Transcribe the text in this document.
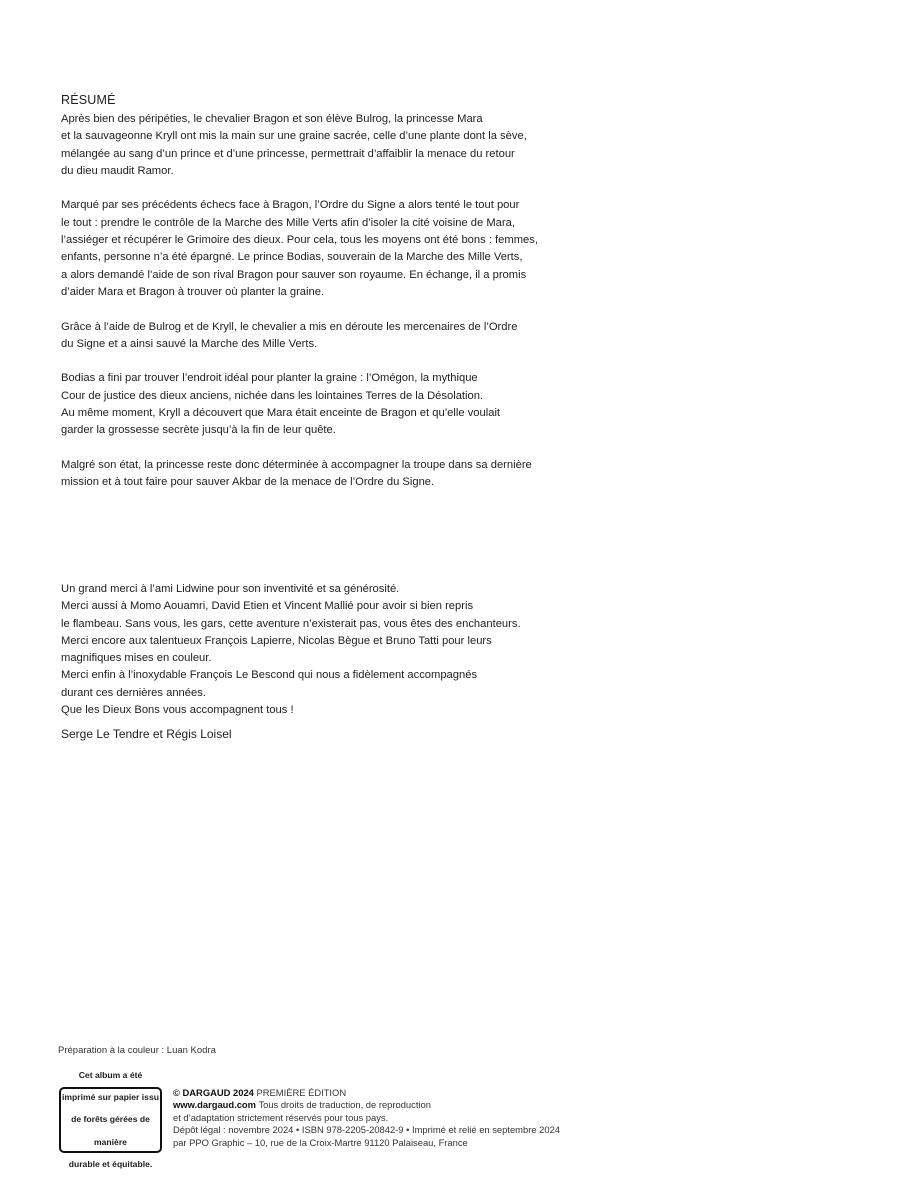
RÉSUMÉ
Après bien des péripéties, le chevalier Bragon et son élève Bulrog, la princesse Mara
et la sauvageonne Kryll ont mis la main sur une graine sacrée, celle d’une plante dont la sève,
mélangée au sang d’un prince et d’une princesse, permettrait d’affaiblir la menace du retour
du dieu maudit Ramor.
Marqué par ses précédents échecs face à Bragon, l’Ordre du Signe a alors tenté le tout pour
le tout : prendre le contrôle de la Marche des Mille Verts afin d’isoler la cité voisine de Mara,
l’assiéger et récupérer le Grimoire des dieux. Pour cela, tous les moyens ont été bons : femmes,
enfants, personne n’a été épargné. Le prince Bodias, souverain de la Marche des Mille Verts,
a alors demandé l’aide de son rival Bragon pour sauver son royaume. En échange, il a promis
d’aider Mara et Bragon à trouver où planter la graine.
Grâce à l’aide de Bulrog et de Kryll, le chevalier a mis en déroute les mercenaires de l’Ordre
du Signe et a ainsi sauvé la Marche des Mille Verts.
Bodias a fini par trouver l’endroit idéal pour planter la graine : l’Omégon, la mythique
Cour de justice des dieux anciens, nichée dans les lointaines Terres de la Désolation.
Au même moment, Kryll a découvert que Mara était enceinte de Bragon et qu’elle voulait
garder la grossesse secrète jusqu’à la fin de leur quête.
Malgré son état, la princesse reste donc déterminée à accompagner la troupe dans sa dernière
mission et à tout faire pour sauver Akbar de la menace de l’Ordre du Signe.
Un grand merci à l’ami Lidwine pour son inventivité et sa générosité.
Merci aussi à Momo Aouamri, David Etien et Vincent Mallié pour avoir si bien repris
le flambeau. Sans vous, les gars, cette aventure n’existerait pas, vous êtes des enchanteurs.
Merci encore aux talentueux François Lapierre, Nicolas Bègue et Bruno Tatti pour leurs
magnifiques mises en couleur.
Merci enfin à l’inoxydable François Le Bescond qui nous a fidèlement accompagnés
durant ces dernières années.
Que les Dieux Bons vous accompagnent tous !
Serge Le Tendre et Régis Loisel
Préparation à la couleur : Luan Kodra
Cet album a été

imprimé sur papier issu

de forêts gérées de

manière

durable et équitable.
© DARGAUD 2024 PREMIÈRE ÉDITION
www.dargaud.com Tous droits de traduction, de reproduction
et d’adaptation strictement réservés pour tous pays.
Dépôt légal : novembre 2024 • ISBN 978-2205-20842-9 • Imprimé et relié en septembre 2024
par PPO Graphic – 10, rue de la Croix-Martre 91120 Palaiseau, France
